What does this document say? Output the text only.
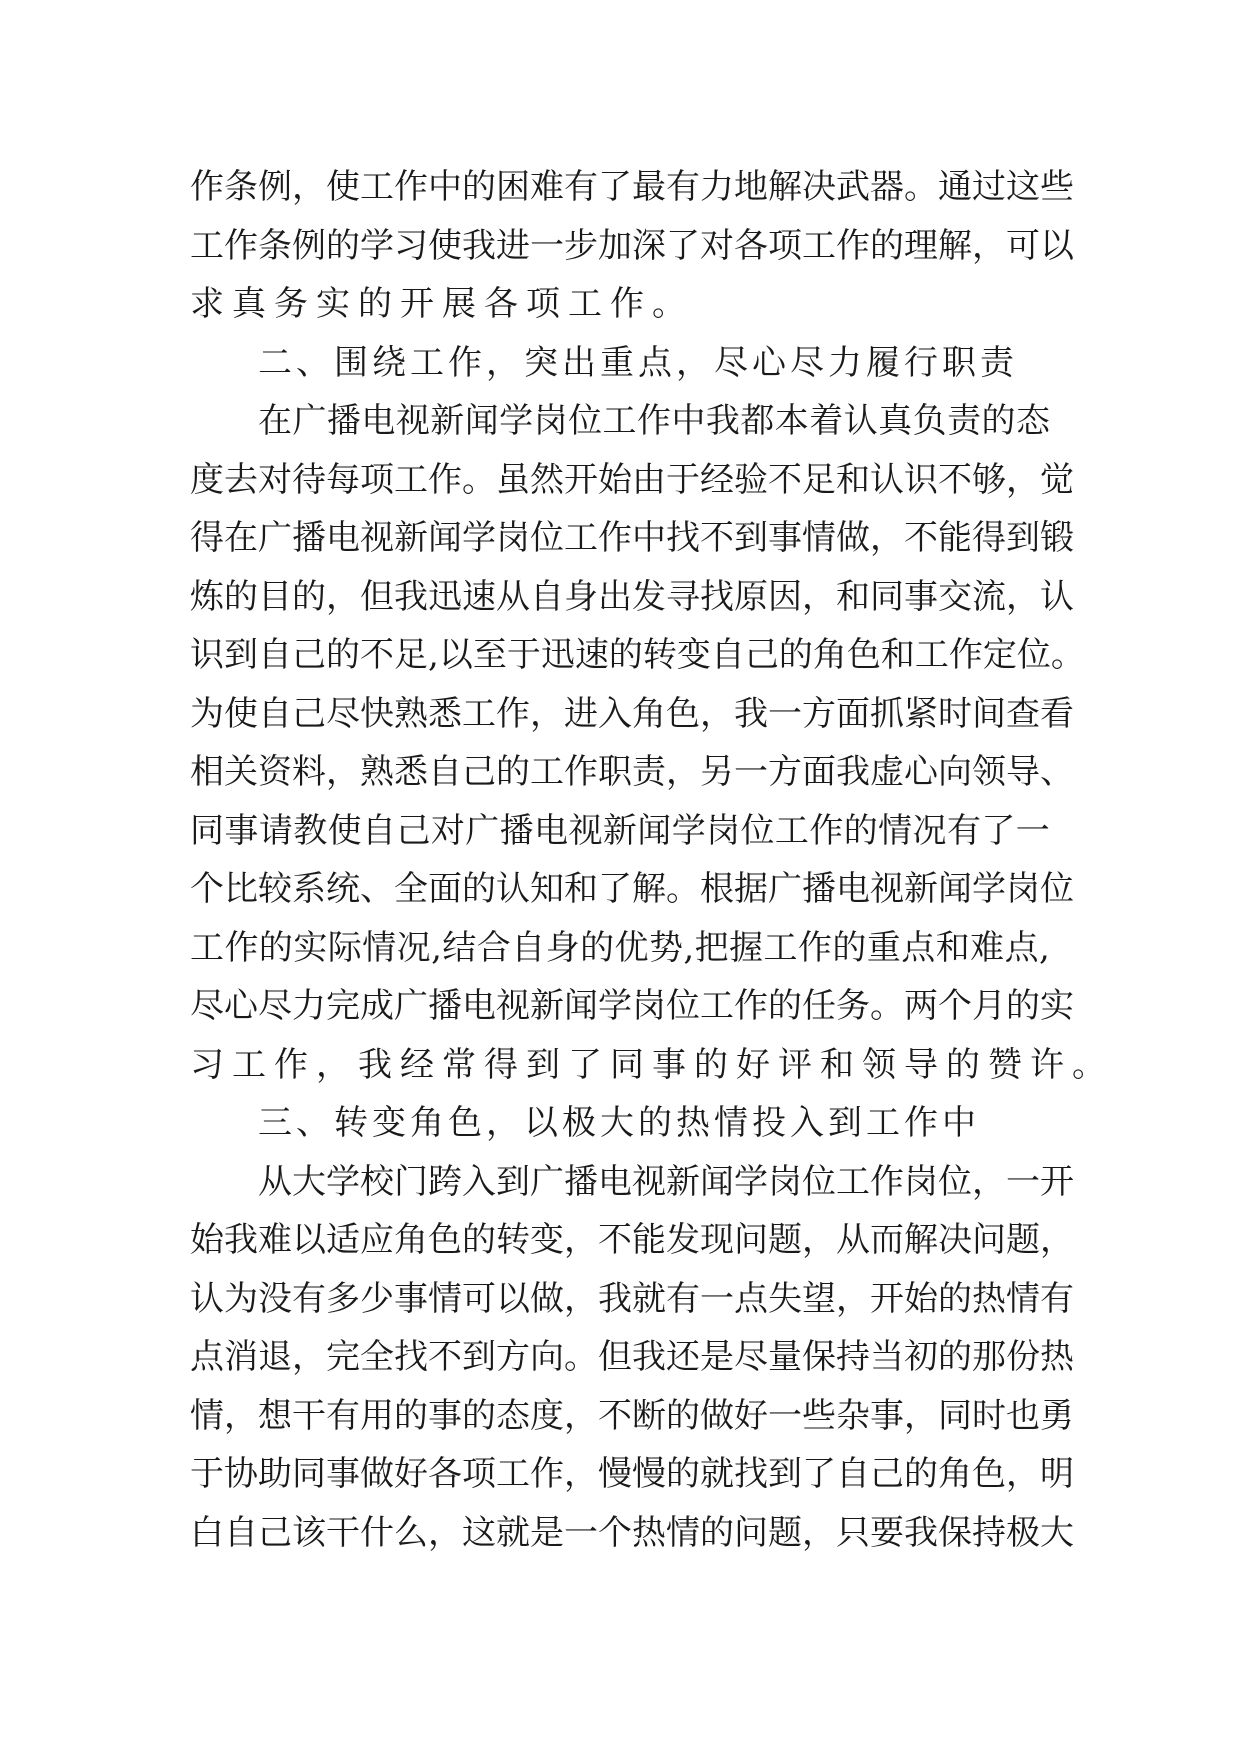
作 条 例 ， 使 工 作 中 的 困 难 有 了 最 有 力 地 解 决 武 器 。 通 过 这 些
工 作 条 例 的 学 习 使 我 进 一 步 加 深 了 对 各 项 工 作 的 理 解 ， 可 以
求真务实的开展各项工作。
二、围绕工作，突出重点，尽心尽力履行职责
在 广 播 电 视 新 闻 学 岗 位 工 作 中 我 都 本 着 认 真 负 责 的 态
度 去 对 待 每 项 工 作 。 虽 然 开 始 由 于 经 验 不 足 和 认 识 不 够 ， 觉
得 在 广 播 电 视 新 闻 学 岗 位 工 作 中 找 不 到 事 情 做 ， 不 能 得 到 锻
炼 的 目 的 ， 但 我 迅 速 从 自 身 出 发 寻 找 原 因 ， 和 同 事 交 流 ， 认
识 到 自 己 的 不 足 , 以 至 于 迅 速 的 转 变 自 己 的 角 色 和 工 作 定 位 。
为 使 自 己 尽 快 熟 悉 工 作 ， 进 入 角 色 ， 我 一 方 面 抓 紧 时 间 查 看
相 关 资 料 ， 熟 悉 自 己 的 工 作 职 责 ， 另 一 方 面 我 虚 心 向 领 导 、
同 事 请 教 使 自 己 对 广 播 电 视 新 闻 学 岗 位 工 作 的 情 况 有 了 一
个 比 较 系 统 、 全 面 的 认 知 和 了 解 。 根 据 广 播 电 视 新 闻 学 岗 位
工 作 的 实 际 情 况 , 结 合 自 身 的 优 势 , 把 握 工 作 的 重 点 和 难 点 ,
尽 心 尽 力 完 成 广 播 电 视 新 闻 学 岗 位 工 作 的 任 务 。 两 个 月 的 实
习工作，我经常得到了同事的好评和领导的赞许。
三、转变角色，以极大的热情投入到工作中
从 大 学 校 门 跨 入 到 广 播 电 视 新 闻 学 岗 位 工 作 岗 位 ， 一 开
始 我 难 以 适 应 角 色 的 转 变 ， 不 能 发 现 问 题 ， 从 而 解 决 问 题 ，
认 为 没 有 多 少 事 情 可 以 做 ， 我 就 有 一 点 失 望 ， 开 始 的 热 情 有
点 消 退 ， 完 全 找 不 到 方 向 。 但 我 还 是 尽 量 保 持 当 初 的 那 份 热
情 ， 想 干 有 用 的 事 的 态 度 ， 不 断 的 做 好 一 些 杂 事 ， 同 时 也 勇
于 协 助 同 事 做 好 各 项 工 作 ， 慢 慢 的 就 找 到 了 自 己 的 角 色 ， 明
白 自 己 该 干 什 么 ， 这 就 是 一 个 热 情 的 问 题 ， 只 要 我 保 持 极 大
